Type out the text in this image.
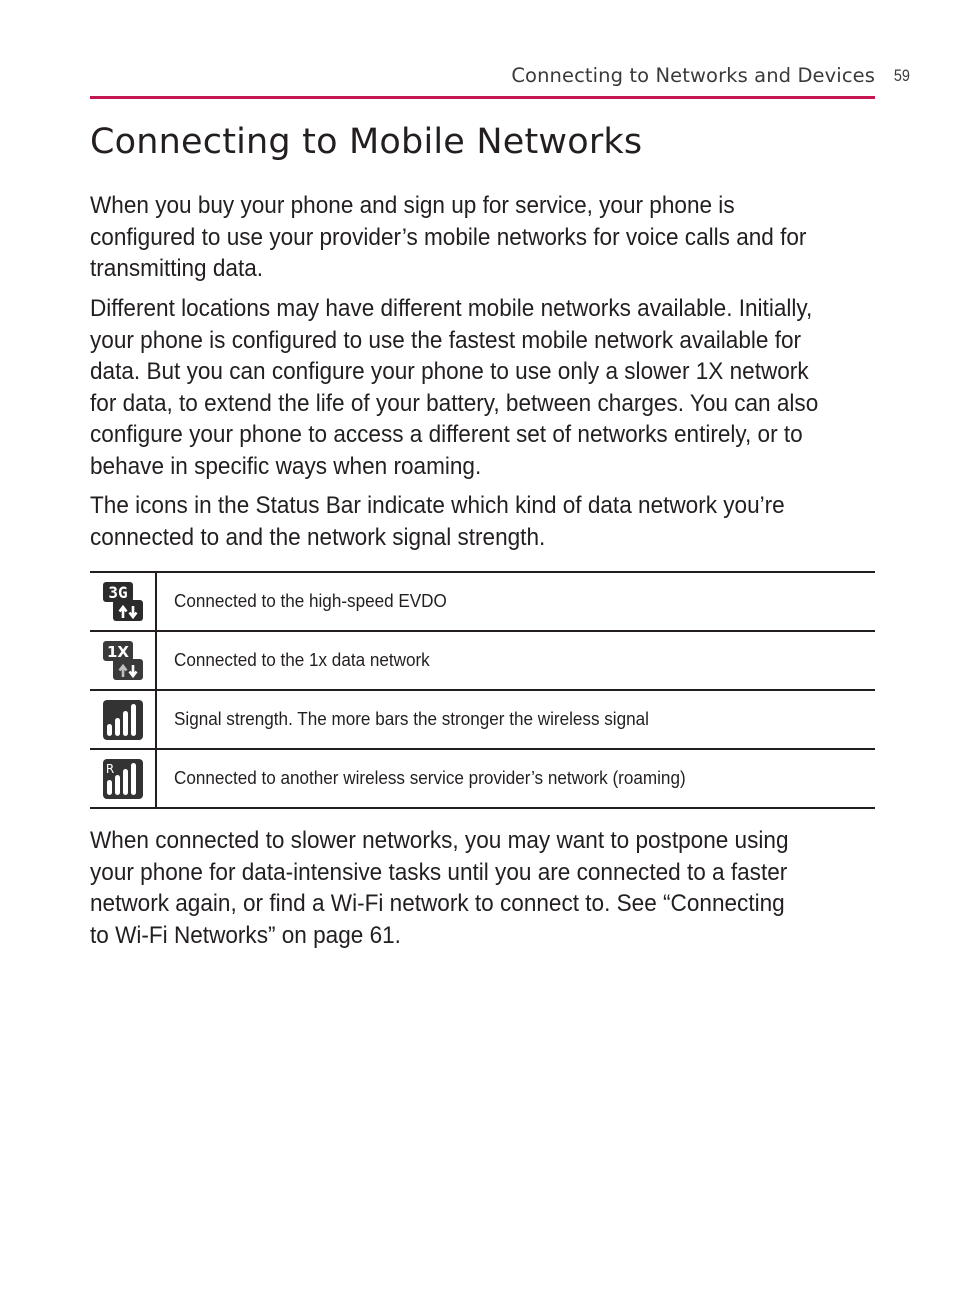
Connecting to Networks and Devices 59
Connecting to Mobile Networks

When you buy your phone and sign up for service, your phone is
configured to use your provider’s mobile networks for voice calls and for
transmitting data.

Different locations may have different mobile networks available. Initially,
your phone is configured to use the fastest mobile network available for
data. But you can configure your phone to use only a slower 1X network
for data, to extend the life of your battery, between charges. You can also
configure your phone to access a different set of networks entirely, or to
behave in specific ways when roaming.

The icons in the Status Bar indicate which kind of data network you’re
connected to and the network signal strength.

3G	Connected to the high-speed EVDO

1X	Connected to the 1x data network

	Signal strength. The more bars the stronger the wireless signal

R	Connected to another wireless service provider’s network (roaming)

When connected to slower networks, you may want to postpone using
your phone for data-intensive tasks until you are connected to a faster
network again, or find a Wi-Fi network to connect to. See “Connecting
to Wi-Fi Networks” on page 61.
